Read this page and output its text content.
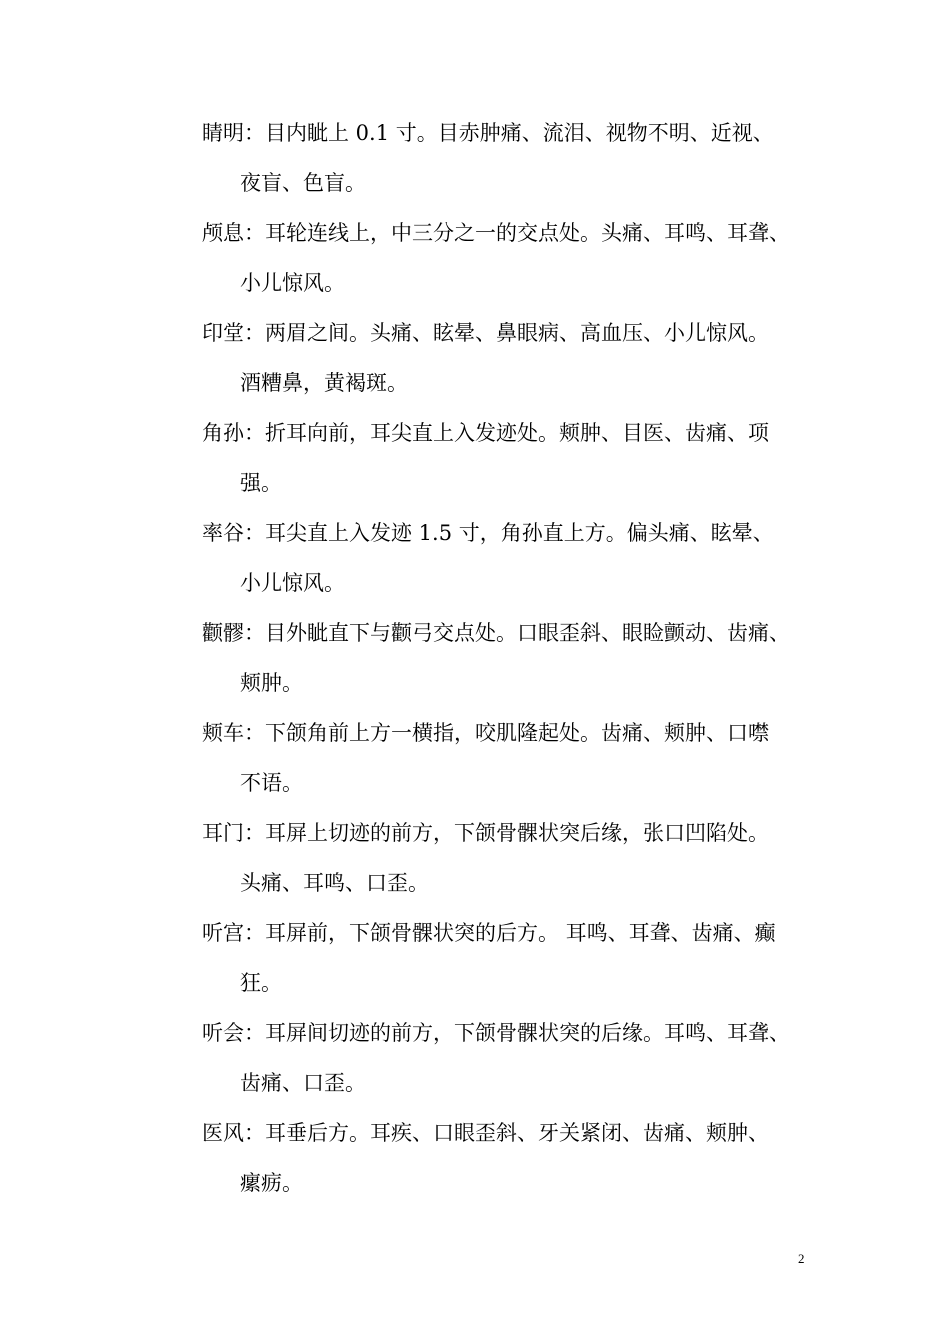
睛明：目内眦上 0.1 寸。目赤肿痛、流泪、视物不明、近视、
夜盲、色盲。
颅息：耳轮连线上，中三分之一的交点处。头痛、耳鸣、耳聋、
小儿惊风。
印堂：两眉之间。头痛、眩晕、鼻眼病、高血压、小儿惊风。
酒糟鼻，黄褐斑。
角孙：折耳向前，耳尖直上入发迹处。颊肿、目医、齿痛、项
强。
率谷：耳尖直上入发迹 1.5 寸，角孙直上方。偏头痛、眩晕、
小儿惊风。
颧髎：目外眦直下与颧弓交点处。口眼歪斜、眼睑颤动、齿痛、
颊肿。
颊车：下颌角前上方一横指，咬肌隆起处。齿痛、颊肿、口噤
不语。
耳门：耳屏上切迹的前方，下颌骨髁状突后缘，张口凹陷处。
头痛、耳鸣、口歪。
听宫：耳屏前，下颌骨髁状突的后方。 耳鸣、耳聋、齿痛、癫
狂。
听会：耳屏间切迹的前方，下颌骨髁状突的后缘。耳鸣、耳聋、
齿痛、口歪。
医风：耳垂后方。耳疾、口眼歪斜、牙关紧闭、齿痛、颊肿、
瘰疬。
2
